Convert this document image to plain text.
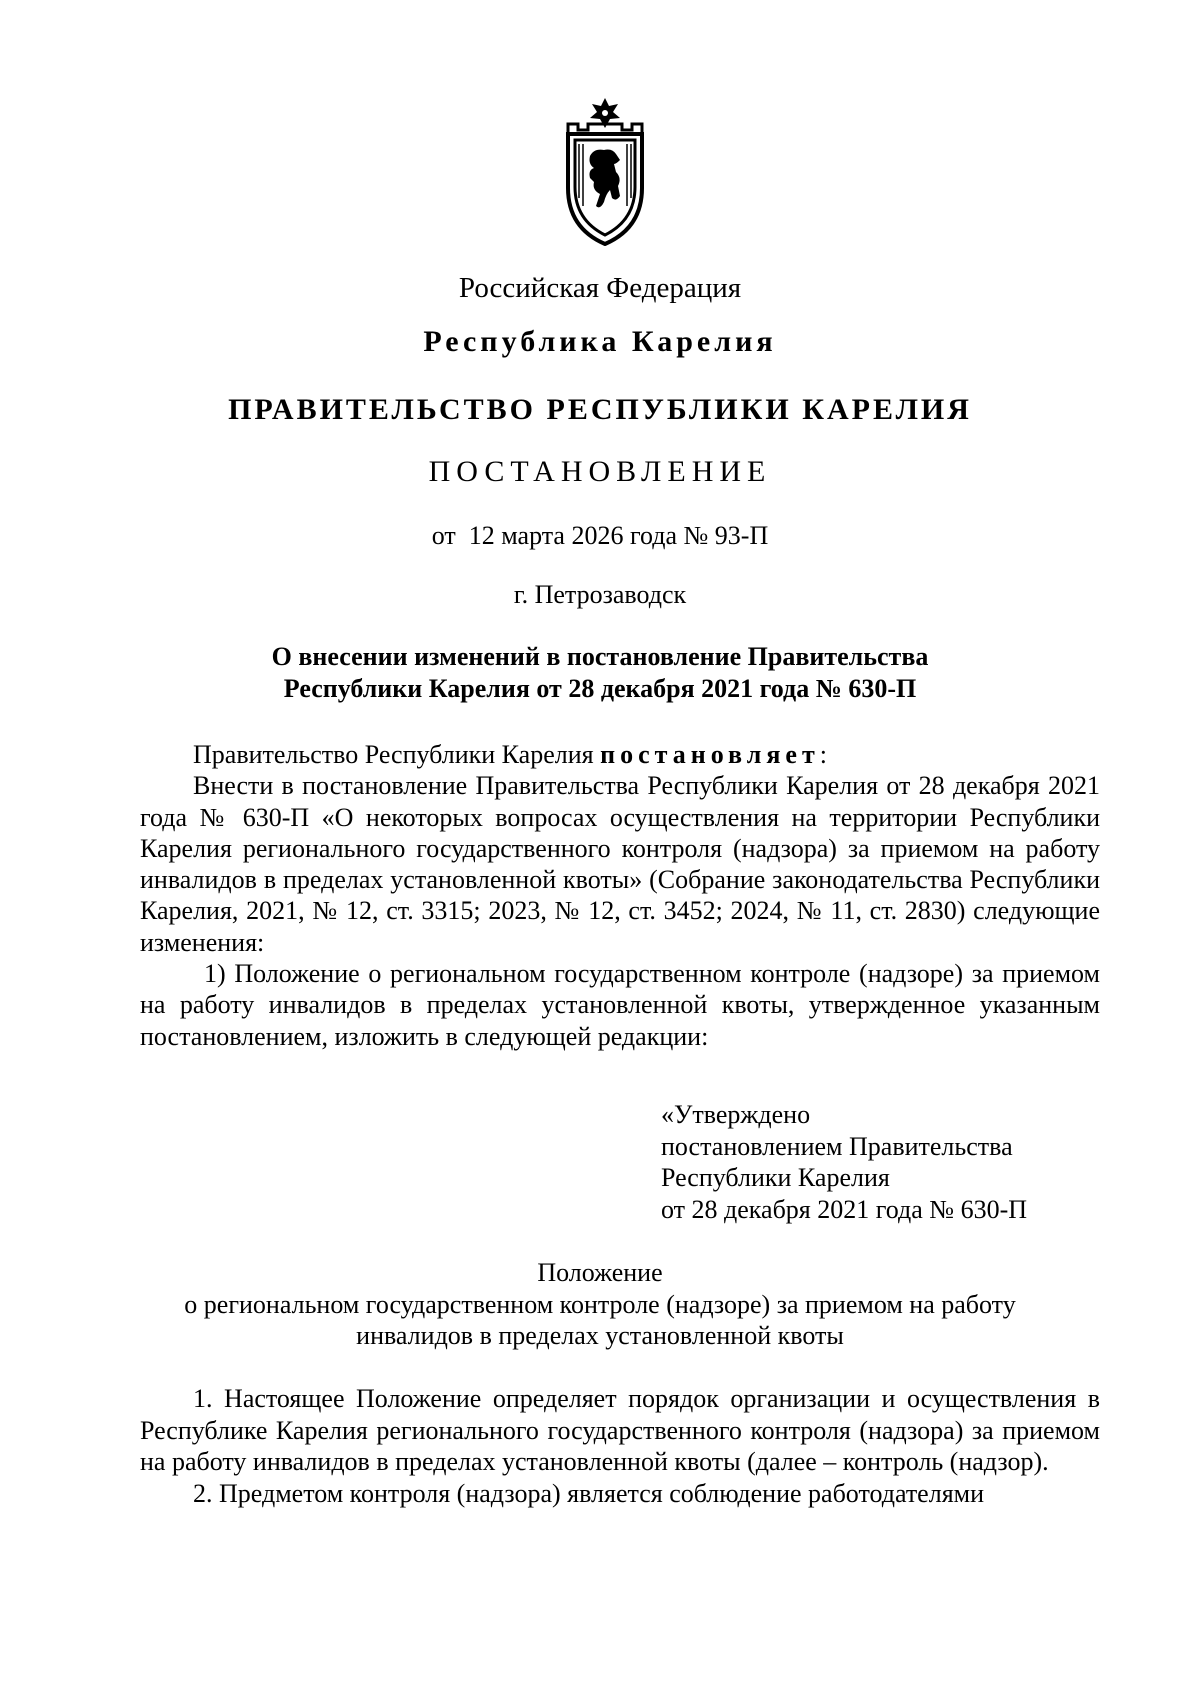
Российская Федерация
Республика Карелия
ПРАВИТЕЛЬСТВО РЕСПУБЛИКИ КАРЕЛИЯ
ПОСТАНОВЛЕНИЕ
от  12 марта 2026 года № 93-П
г. Петрозаводск
О внесении изменений в постановление Правительства
Республики Карелия от 28 декабря 2021 года № 630-П

Правительство Республики Карелия постановляет:

Внести в постановление Правительства Республики Карелия от 28 декабря 2021 года № 630-П «О некоторых вопросах осуществления на территории Республики Карелия регионального государственного контроля (надзора) за приемом на работу инвалидов в пределах установленной квоты» (Собрание законодательства Республики Карелия, 2021, № 12, ст. 3315; 2023, № 12, ст. 3452; 2024, № 11, ст. 2830) следующие изменения:

1) Положение о региональном государственном контроле (надзоре) за приемом на работу инвалидов в пределах установленной квоты, утвержденное указанным постановлением, изложить в следующей редакции:

«Утверждено
постановлением Правительства
Республики Карелия
от 28 декабря 2021 года № 630-П
Положение
о региональном государственном контроле (надзоре) за приемом на работу
инвалидов в пределах установленной квоты

1. Настоящее Положение определяет порядок организации и осуществления в Республике Карелия регионального государственного контроля (надзора) за приемом на работу инвалидов в пределах установленной квоты (далее – контроль (надзор).

2. Предметом контроля (надзора) является соблюдение работодателями
